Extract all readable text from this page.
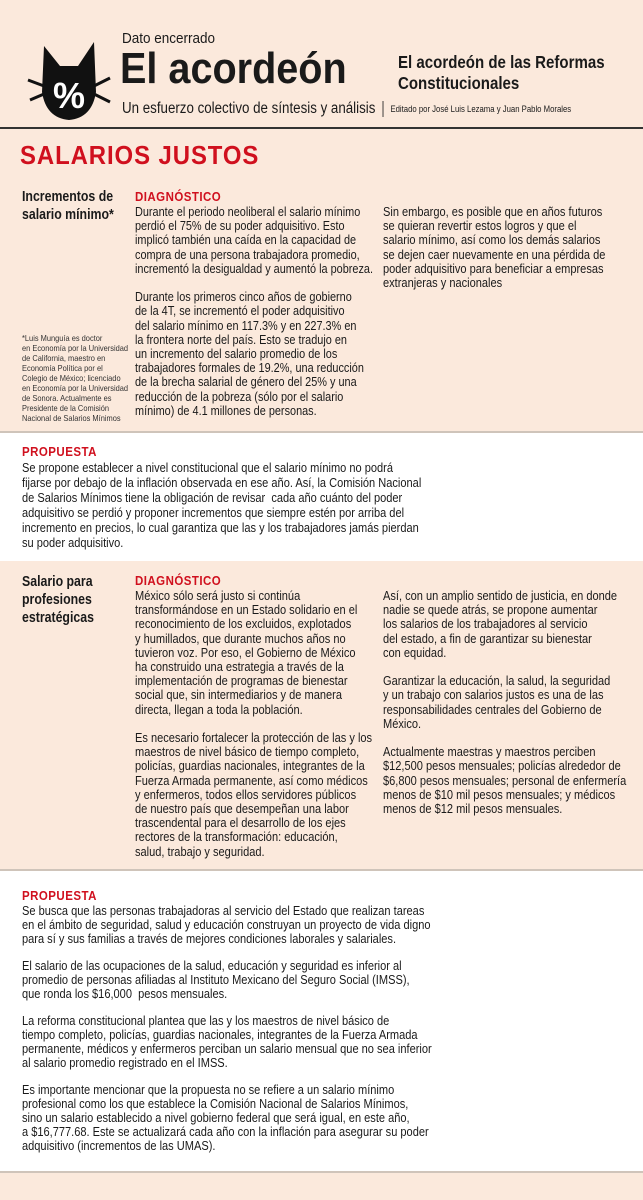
%
Dato encerrado
El acordeón	El acordeón de las Reformas
Constitucionales
Un esfuerzo colectivo de síntesis y análisis Editado por José Luis Lezama y Juan Pablo Morales
SALARIOS JUSTOS
Incrementos de
salario mínimo*
*Luis Munguía es doctor
en Economía por la Universidad
de California, maestro en
Economía Política por el
Colegio de México; licenciado
en Economía por la Universidad
de Sonora. Actualmente es
Presidente de la Comisión
Nacional de Salarios Mínimos
DIAGNÓSTICO
Durante el periodo neoliberal el salario mínimo
perdió el 75% de su poder adquisitivo. Esto
implicó también una caída en la capacidad de
compra de una persona trabajadora promedio,
incrementó la desigualdad y aumentó la pobreza.

Durante los primeros cinco años de gobierno
de la 4T, se incrementó el poder adquisitivo
del salario mínimo en 117.3% y en 227.3% en
la frontera norte del país. Esto se tradujo en
un incremento del salario promedio de los
trabajadores formales de 19.2%, una reducción
de la brecha salarial de género del 25% y una
reducción de la pobreza (sólo por el salario
mínimo) de 4.1 millones de personas.
Sin embargo, es posible que en años futuros
se quieran revertir estos logros y que el
salario mínimo, así como los demás salarios
se dejen caer nuevamente en una pérdida de
poder adquisitivo para beneficiar a empresas
extranjeras y nacionales
PROPUESTA
Se propone establecer a nivel constitucional que el salario mínimo no podrá
fijarse por debajo de la inflación observada en ese año. Así, la Comisión Nacional
de Salarios Mínimos tiene la obligación de revisar  cada año cuánto del poder
adquisitivo se perdió y proponer incrementos que siempre estén por arriba del
incremento en precios, lo cual garantiza que las y los trabajadores jamás pierdan
su poder adquisitivo.
Salario para
profesiones
estratégicas
DIAGNÓSTICO
México sólo será justo si continúa
transformándose en un Estado solidario en el
reconocimiento de los excluidos, explotados
y humillados, que durante muchos años no
tuvieron voz. Por eso, el Gobierno de México
ha construido una estrategia a través de la
implementación de programas de bienestar
social que, sin intermediarios y de manera
directa, llegan a toda la población.

Es necesario fortalecer la protección de las y los
maestros de nivel básico de tiempo completo,
policías, guardias nacionales, integrantes de la
Fuerza Armada permanente, así como médicos
y enfermeros, todos ellos servidores públicos
de nuestro país que desempeñan una labor
trascendental para el desarrollo de los ejes
rectores de la transformación: educación,
salud, trabajo y seguridad.
Así, con un amplio sentido de justicia, en donde
nadie se quede atrás, se propone aumentar
los salarios de los trabajadores al servicio
del estado, a fin de garantizar su bienestar
con equidad.

Garantizar la educación, la salud, la seguridad
y un trabajo con salarios justos es una de las
responsabilidades centrales del Gobierno de
México.

Actualmente maestras y maestros perciben
$12,500 pesos mensuales; policías alrededor de
$6,800 pesos mensuales; personal de enfermería
menos de $10 mil pesos mensuales; y médicos
menos de $12 mil pesos mensuales.
PROPUESTA
Se busca que las personas trabajadoras al servicio del Estado que realizan tareas
en el ámbito de seguridad, salud y educación construyan un proyecto de vida digno
para sí y sus familias a través de mejores condiciones laborales y salariales.

El salario de las ocupaciones de la salud, educación y seguridad es inferior al
promedio de personas afiliadas al Instituto Mexicano del Seguro Social (IMSS),
que ronda los $16,000  pesos mensuales.

La reforma constitucional plantea que las y los maestros de nivel básico de
tiempo completo, policías, guardias nacionales, integrantes de la Fuerza Armada
permanente, médicos y enfermeros perciban un salario mensual que no sea inferior
al salario promedio registrado en el IMSS.

Es importante mencionar que la propuesta no se refiere a un salario mínimo
profesional como los que establece la Comisión Nacional de Salarios Mínimos,
sino un salario establecido a nivel gobierno federal que será igual, en este año,
a $16,777.68. Este se actualizará cada año con la inflación para asegurar su poder
adquisitivo (incrementos de las UMAS).
